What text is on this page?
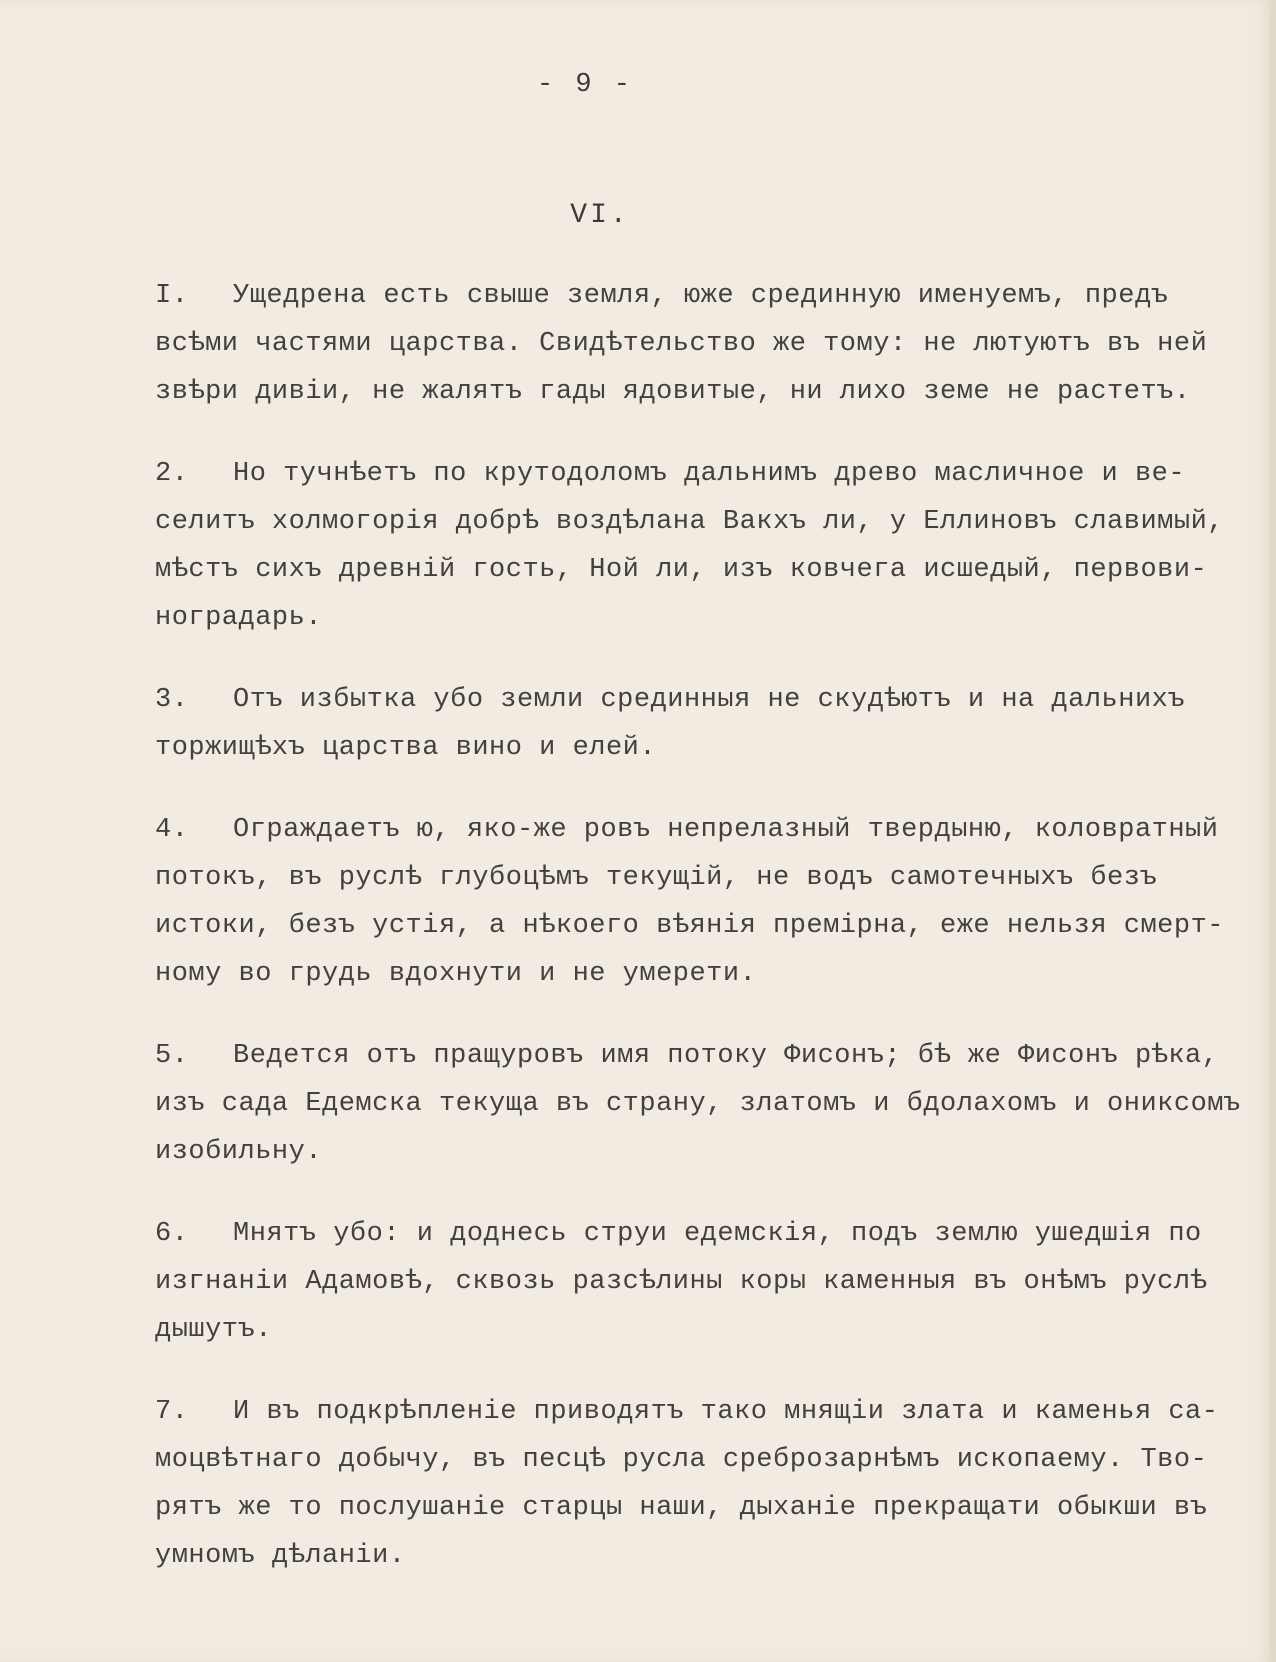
- 9 -
VI.
I. Ущедрена есть свыше земля, юже срединную именуемъ, предъ
всѣми частями царства. Свидѣтельство же тому: не лютуютъ въ ней
звѣри дивіи, не жалятъ гады ядовитые, ни лихо земе не растетъ.
2. Но тучнѣетъ по крутодоломъ дальнимъ древо масличное и ве-
селитъ холмогорія добрѣ воздѣлана Вакхъ ли, у Еллиновъ славимый,
мѣстъ сихъ древній гость, Ной ли, изъ ковчега исшедый, первови-
ноградарь.
3. Отъ избытка убо земли срединныя не скудѣютъ и на дальнихъ
торжищѣхъ царства вино и елей.
4. Ограждаетъ ю, яко-же ровъ непрелазный твердыню, коловратный
потокъ, въ руслѣ глубоцѣмъ текущій, не водъ самотечныхъ безъ
истоки, безъ устія, а нѣкоего вѣянія премірна, еже нельзя смерт-
ному во грудь вдохнути и не умерети.
5. Ведется отъ пращуровъ имя потоку Фисонъ; бѣ же Фисонъ рѣка,
изъ сада Едемска текуща въ страну, златомъ и бдолахомъ и ониксомъ
изобильну.
6. Мнятъ убо: и доднесь струи едемскія, подъ землю ушедшія по
изгнаніи Адамовѣ, сквозь разсѣлины коры каменныя въ онѣмъ руслѣ
дышутъ.
7. И въ подкрѣпленіе приводятъ тако мнящіи злата и каменья са-
моцвѣтнаго добычу, въ песцѣ русла среброзарнѣмъ ископаему. Тво-
рятъ же то послушаніе старцы наши, дыханіе прекращати обыкши въ
умномъ дѣланіи.
